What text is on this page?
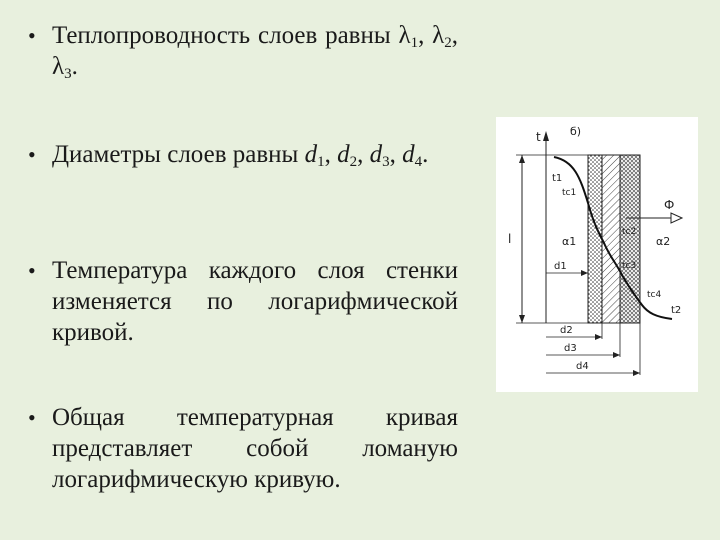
• Теплопроводность слоев равны $\lambda_1$, $\lambda_2$, $\lambda_3$.
• Диаметры слоев равны $d_1$, $d_2$, $d_3$, $d_4$.
• Температура каждого слоя стенки изменяется по логарифмической кривой.
• Общая температурная кривая представляет собой ломаную логарифмическую кривую.
t	б)
l
Ф
t1
tc1
α1
tc2
tc3
tc4
α2
t2
d1
d2
d3
d4
